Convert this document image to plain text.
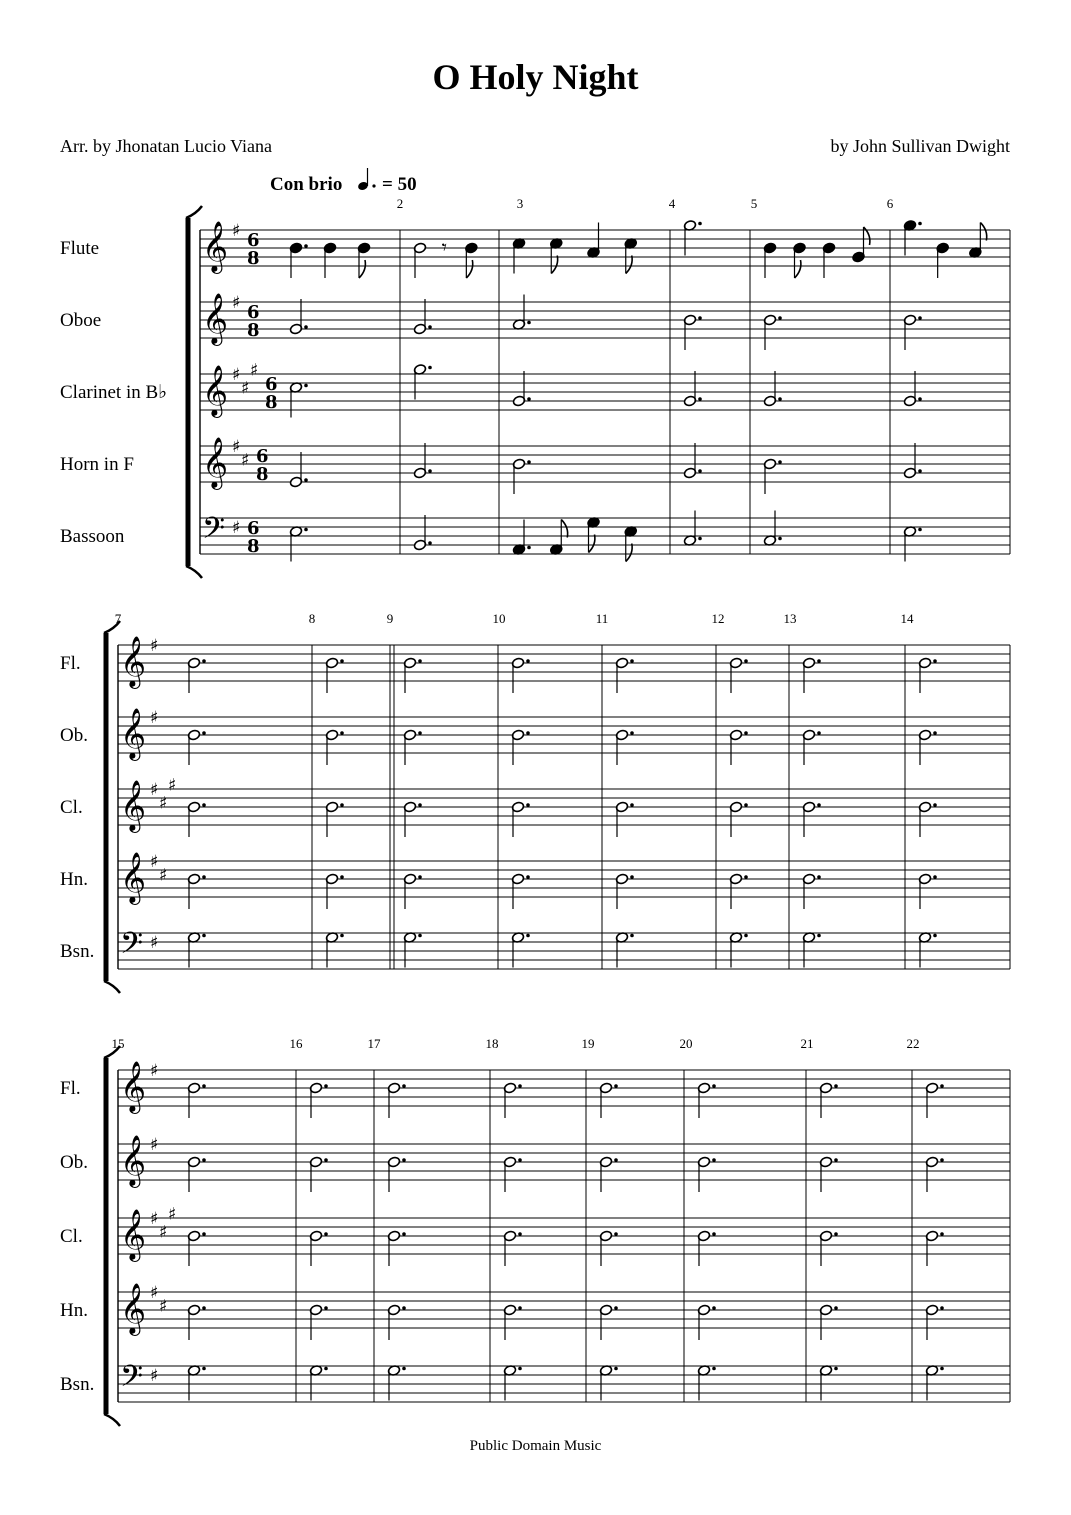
O Holy Night
Arr. by Jhonatan Lucio Viana	by John Sullivan Dwight
Public Domain Music
2	3	4	5	6
Flute 𝄞 ♯ 6
8	𝄾
Oboe 𝄞 ♯ 6
8
Clarinet in B♭ 𝄞 ♯
♯
♯
6
8
Horn in F 𝄞 ♯
♯ 6
8
Bassoon 𝄢 ♯ 6
8
7	8	9	10	11	12	13	14
Fl. 𝄞 ♯
Ob. 𝄞 ♯
Cl. 𝄞 ♯
♯
♯
Hn. 𝄞 ♯
♯
Bsn. 𝄢 ♯
15	16	17	18	19	20	21	22
Fl. 𝄞 ♯
Ob. 𝄞 ♯
Cl. 𝄞 ♯
♯
♯
Hn. 𝄞 ♯
♯
Bsn. 𝄢 ♯
Con brio = 50
